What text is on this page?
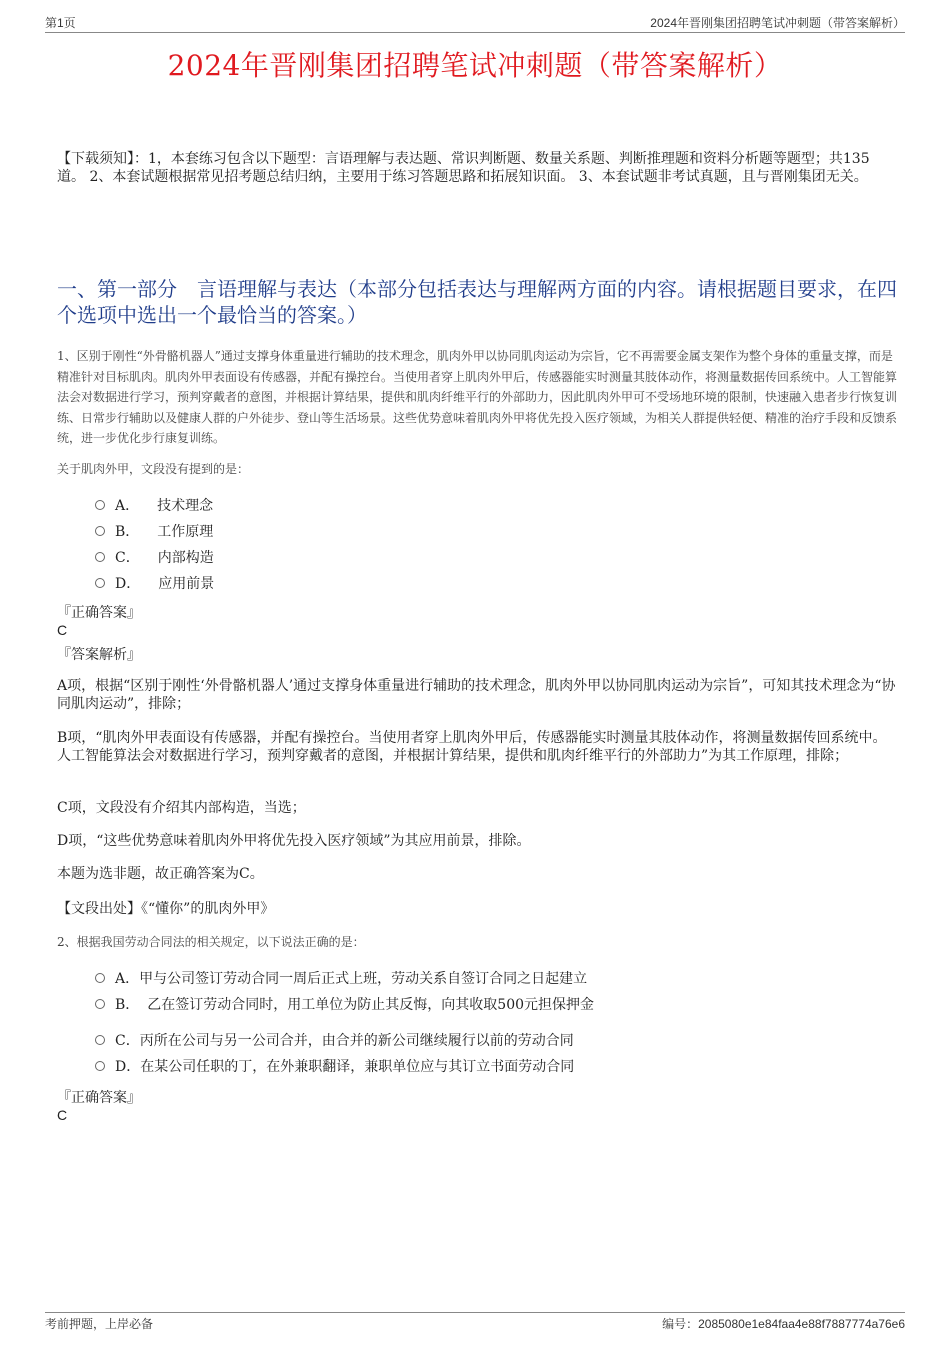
第1页	2024年晋刚集团招聘笔试冲刺题（带答案解析）
2024年晋刚集团招聘笔试冲刺题（带答案解析）
【下载须知】：1，本套练习包含以下题型：言语理解与表达题、常识判断题、数量关系题、判断推理题和资料分析题等题型；共135道。 2、本套试题根据常见招考题总结归纳，主要用于练习答题思路和拓展知识面。 3、本套试题非考试真题，且与晋刚集团无关。
一、第一部分　言语理解与表达（本部分包括表达与理解两方面的内容。请根据题目要求，在四个选项中选出一个最恰当的答案。）
1、区别于刚性“外骨骼机器人”通过支撑身体重量进行辅助的技术理念，肌肉外甲以协同肌肉运动为宗旨，它不再需要金属支架作为整个身体的重量支撑，而是精准针对目标肌肉。肌肉外甲表面设有传感器，并配有操控台。当使用者穿上肌肉外甲后，传感器能实时测量其肢体动作，将测量数据传回系统中。人工智能算法会对数据进行学习，预判穿戴者的意图，并根据计算结果，提供和肌肉纤维平行的外部助力，因此肌肉外甲可不受场地环境的限制，快速融入患者步行恢复训练、日常步行辅助以及健康人群的户外徒步、登山等生活场景。这些优势意味着肌肉外甲将优先投入医疗领域，为相关人群提供轻便、精准的治疗手段和反馈系统，进一步优化步行康复训练。
关于肌肉外甲，文段没有提到的是：
A． 技术理念
B． 工作原理
C． 内部构造
D． 应用前景
『正确答案』
C
『答案解析』
A项，根据“区别于刚性‘外骨骼机器人’通过支撑身体重量进行辅助的技术理念，肌肉外甲以协同肌肉运动为宗旨”，可知其技术理念为“协同肌肉运动”，排除；
B项，“肌肉外甲表面设有传感器，并配有操控台。当使用者穿上肌肉外甲后，传感器能实时测量其肢体动作，将测量数据传回系统中。人工智能算法会对数据进行学习，预判穿戴者的意图，并根据计算结果，提供和肌肉纤维平行的外部助力”为其工作原理，排除；
C项，文段没有介绍其内部构造，当选；
D项，“这些优势意味着肌肉外甲将优先投入医疗领域”为其应用前景，排除。
本题为选非题，故正确答案为C。
【文段出处】《“懂你”的肌肉外甲》
2、根据我国劳动合同法的相关规定，以下说法正确的是：
A．甲与公司签订劳动合同一周后正式上班，劳动关系自签订合同之日起建立
B． 乙在签订劳动合同时，用工单位为防止其反悔，向其收取500元担保押金
C．丙所在公司与另一公司合并，由合并的新公司继续履行以前的劳动合同
D．在某公司任职的丁，在外兼职翻译，兼职单位应与其订立书面劳动合同
『正确答案』
C
考前押题，上岸必备	编号：2085080e1e84faa4e88f7887774a76e6
